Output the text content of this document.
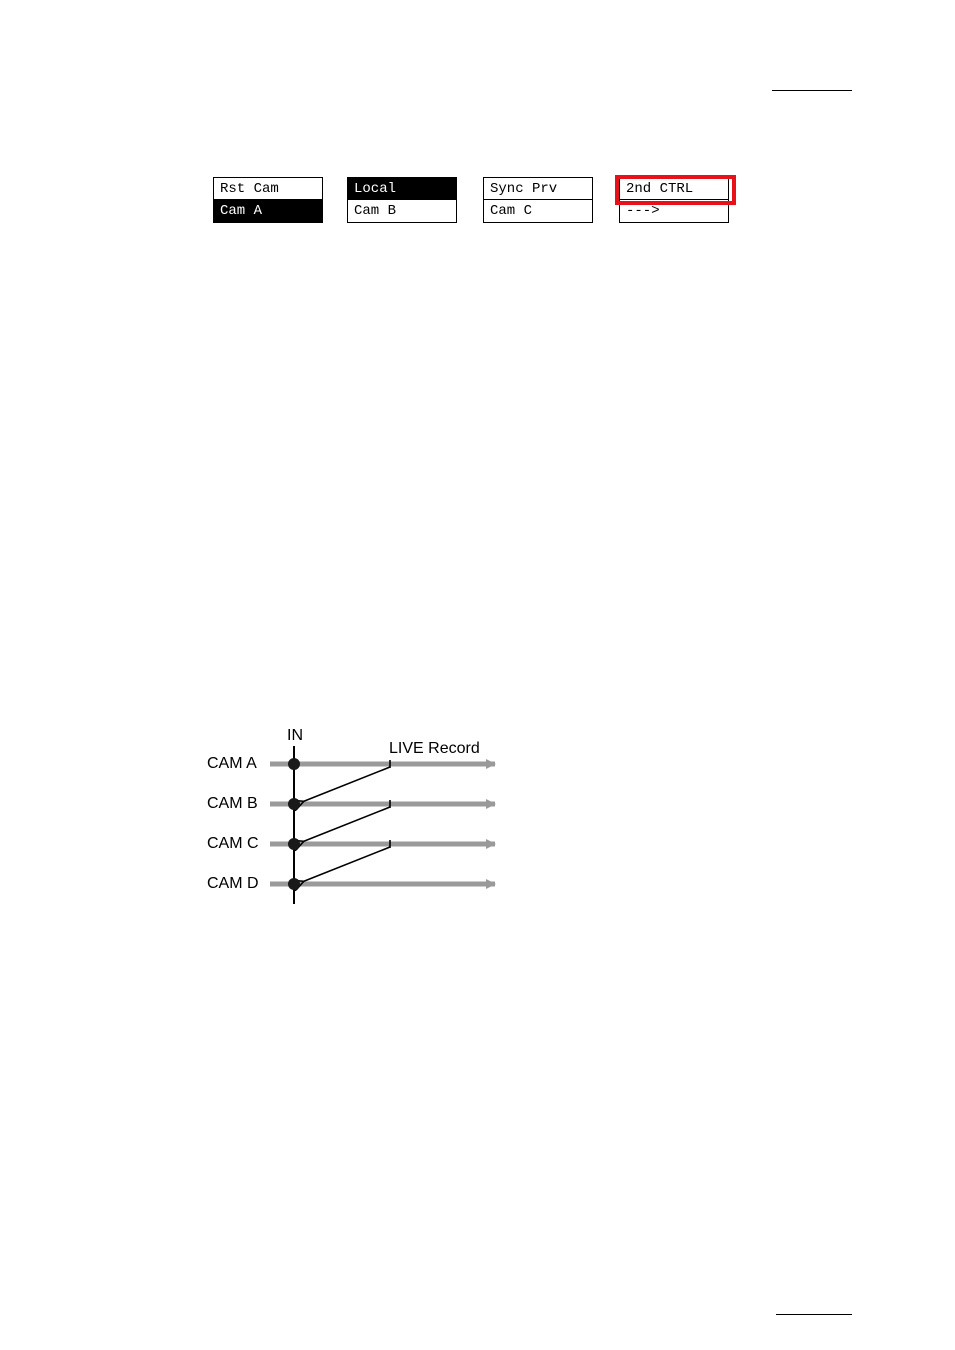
Rst Cam
Cam A
Local
Cam B
Sync Prv
Cam C
2nd CTRL
--->
IN
LIVE Record
CAM A
CAM B
CAM C
CAM D
